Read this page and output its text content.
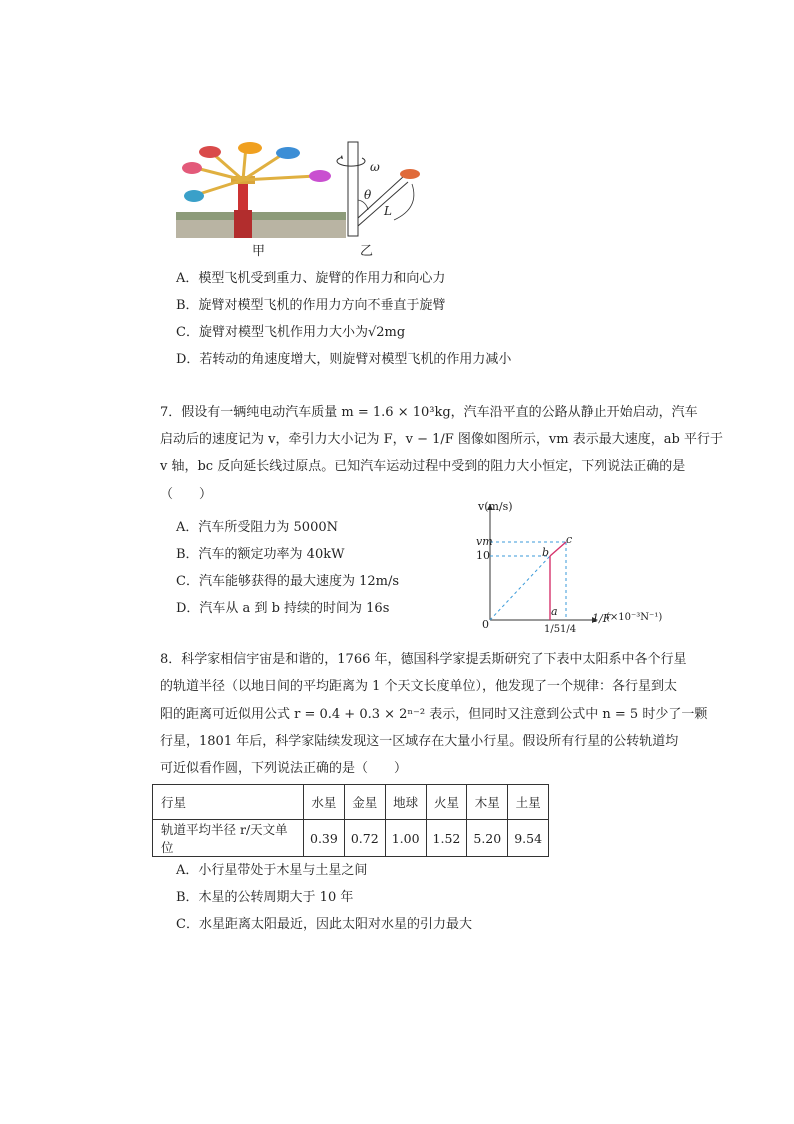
甲
ω
θ
L
乙
A．模型飞机受到重力、旋臂的作用力和向心力
B．旋臂对模型飞机的作用力方向不垂直于旋臂
C．旋臂对模型飞机作用力大小为√2mg
D．若转动的角速度增大，则旋臂对模型飞机的作用力减小
7．假设有一辆纯电动汽车质量 m = 1.6 × 10³kg，汽车沿平直的公路从静止开始启动，汽车
启动后的速度记为 v，牵引力大小记为 F，v − 1/F 图像如图所示，vm 表示最大速度，ab 平行于
v 轴，bc 反向延长线过原点。已知汽车运动过程中受到的阻力大小恒定，下列说法正确的是
（　　）
A．汽车所受阻力为 5000N
B．汽车的额定功率为 40kW
C．汽车能够获得的最大速度为 12m/s
D．汽车从 a 到 b 持续的时间为 16s
v(m/s)
vm
10
0
b
c
a
1/5 1/4
1/F
(×10⁻³N⁻¹)
8．科学家相信宇宙是和谐的，1766 年，德国科学家提丢斯研究了下表中太阳系中各个行星
的轨道半径（以地日间的平均距离为 1 个天文长度单位），他发现了一个规律：各行星到太
阳的距离可近似用公式 r = 0.4 + 0.3 × 2ⁿ⁻² 表示，但同时又注意到公式中 n = 5 时少了一颗
行星，1801 年后，科学家陆续发现这一区域存在大量小行星。假设所有行星的公转轨道均
可近似看作圆，下列说法正确的是（　　）
行星	水星	金星	地球	火星	木星	土星
轨道平均半径 r/天文单位	0.39	0.72	1.00	1.52	5.20	9.54
A．小行星带处于木星与土星之间
B．木星的公转周期大于 10 年
C．水星距离太阳最近，因此太阳对水星的引力最大
